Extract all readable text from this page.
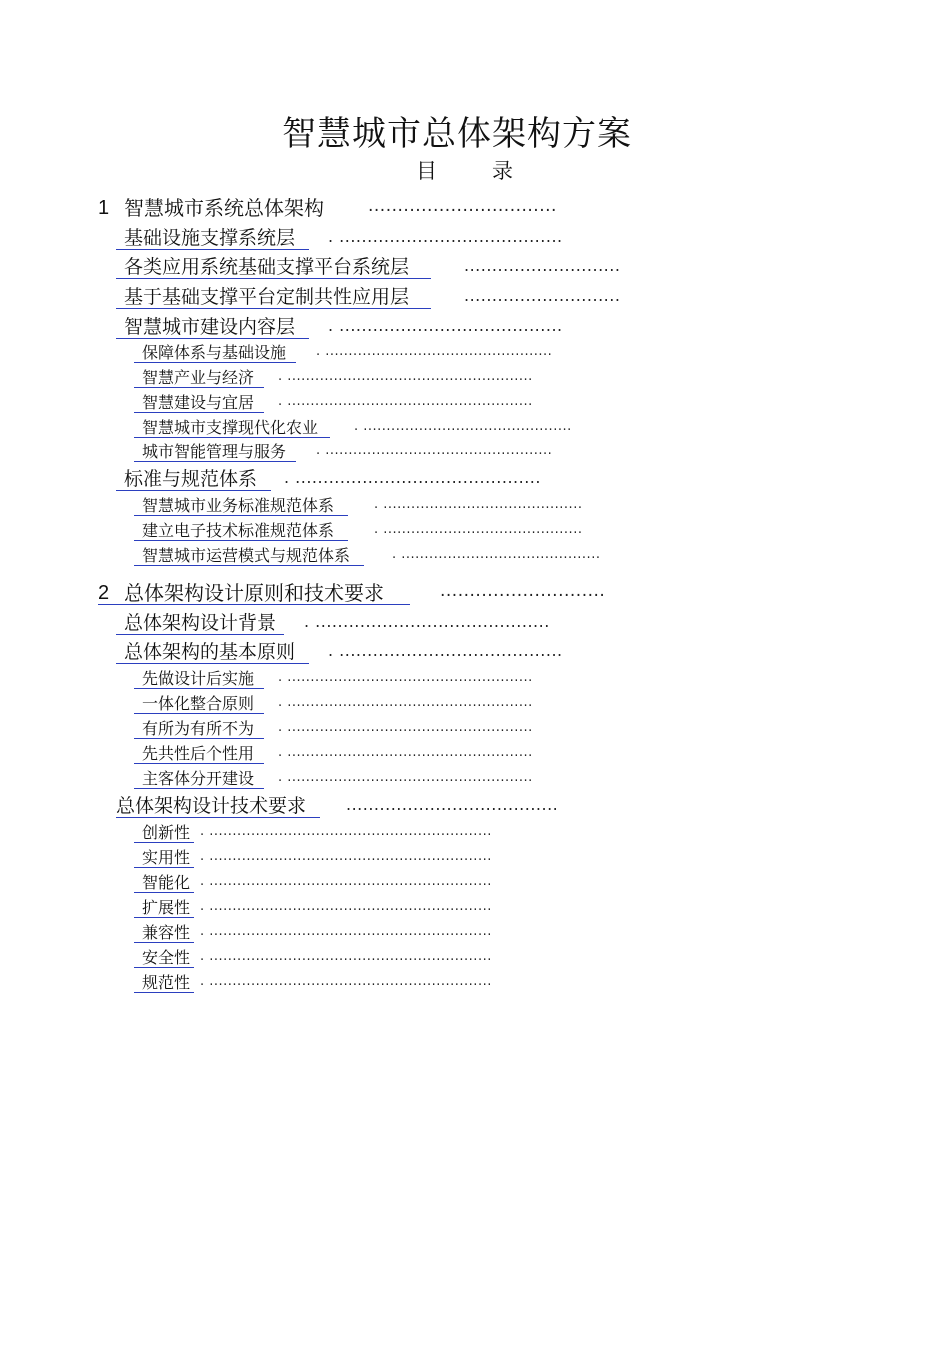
智慧城市总体架构方案
目	录
1 智慧城市系统总体架构	................................
基础设施支撑系统层	. ........................................
各类应用系统基础支撑平台系统层	............................
基于基础支撑平台定制共性应用层	............................
智慧城市建设内容层	. ........................................
保障体系与基础设施	. .................................................
智慧产业与经济	. .....................................................
智慧建设与宜居	. .....................................................
智慧城市支撑现代化农业	. .............................................
城市智能管理与服务	. .................................................
标准与规范体系	. ............................................
智慧城市业务标准规范体系	. ...........................................
建立电子技术标准规范体系	. ...........................................
智慧城市运营模式与规范体系	. ...........................................
2 总体架构设计原则和技术要求	............................
总体架构设计背景	. ..........................................
总体架构的基本原则	. ........................................
先做设计后实施	. .....................................................
一体化整合原则	. .....................................................
有所为有所不为	. .....................................................
先共性后个性用	. .....................................................
主客体分开建设	. .....................................................
总体架构设计技术要求	......................................
创新性 . .............................................................
实用性 . .............................................................
智能化 . .............................................................
扩展性 . .............................................................
兼容性 . .............................................................
安全性 . .............................................................
规范性 . .............................................................
